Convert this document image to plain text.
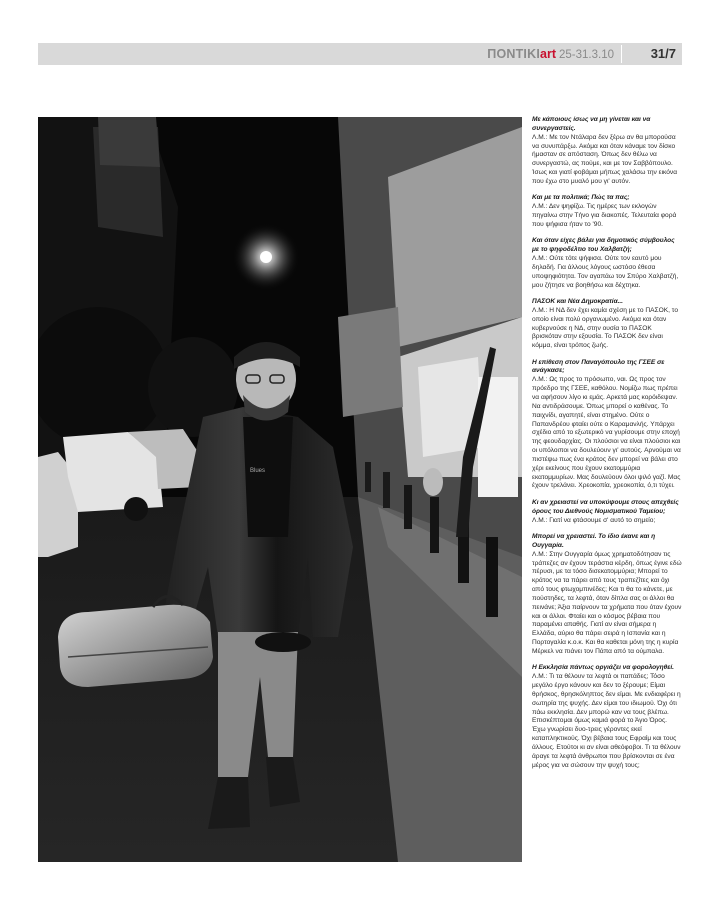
ΠΟΝΤΙΚΙart 25-31.3.10	31/7
Blues

Με κάποιους ίσως να μη γίνεται και να συνεργαστείς.

Λ.Μ.: Με τον Ντάλαρα δεν ξέρω αν θα μπορούσα να συνυπάρξω. Ακόμα και όταν κάναμε τον δίσκο ήμασταν σε απόσταση. Όπως δεν θέλω να συνεργαστώ, ας πούμε, και με τον Σαββόπουλο. Ίσως και γιατί φοβάμαι μήπως χαλάσω την εικόνα που έχω στο μυαλό μου γι' αυτόν.

Και με τα πολιτικά; Πώς τα πας;

Λ.Μ.: Δεν ψηφίζω. Τις ημέρες των εκλογών πηγαίνω στην Τήνο για διακοπές. Τελευταία φορά που ψήφισα ήταν το '90.

Και όταν είχες βάλει για δημοτικός σύμβουλος με το ψηφοδέλτιο του Χαλβατζή;

Λ.Μ.: Ούτε τότε ψήφισα. Ούτε τον εαυτό μου δηλαδή. Για άλλους λόγους ωστόσο έθεσα υποψηφιότητα. Τον αγαπάω τον Σπύρο Χαλβατζή, μου ζήτησε να βοηθήσω και δέχτηκα.

ΠΑΣΟΚ και Νέα Δημοκρατία...

Λ.Μ.: Η ΝΔ δεν έχει καμία σχέση με το ΠΑΣΟΚ, το οποίο είναι πολύ οργανωμένο. Ακόμα και όταν κυβερνούσε η ΝΔ, στην ουσία το ΠΑΣΟΚ βρισκόταν στην εξουσία. Το ΠΑΣΟΚ δεν είναι κόμμα, είναι τρόπος ζωής.

Η επίθεση στον Παναγόπουλο της ΓΣΕΕ σε ανάγκασε;

Λ.Μ.: Ως προς το πρόσωπο, ναι. Ως προς τον πρόεδρο της ΓΣΕΕ, καθόλου. Νομίζω πως πρέπει να αφήσουν λίγο κι εμάς. Αρκετά μας κορόιδεψαν. Να αντιδράσουμε. Όπως μπορεί ο καθένας. Το παιχνίδι, αγαπητέ, είναι στημένο. Ούτε ο Παπανδρέου φταίει ούτε ο Καραμανλής. Υπάρχει σχέδιο από το εξωτερικό να γυρίσουμε στην εποχή της φεουδαρχίας. Οι πλούσιοι να είναι πλούσιοι και οι υπόλοιποι να δουλεύουν γι' αυτούς. Αρνούμαι να πιστέψω πως ένα κράτος δεν μπορεί να βάλει στο χέρι εκείνους που έχουν εκατομμύρια εκατομμυρίων. Μας δουλεύουν όλοι ψιλό γαζί. Μας έχουν τρελάνει. Χρεοκοπία, χρεοκοπία, ό,τι τύχει.

Κι αν χρειαστεί να υποκύψουμε στους απεχθείς όρους του Διεθνούς Νομισματικού Ταμείου;

Λ.Μ.: Γιατί να φτάσουμε σ' αυτό το σημείο;

Μπορεί να χρειαστεί. Το ίδιο έκανε και η Ουγγαρία.

Λ.Μ.: Στην Ουγγαρία όμως χρηματοδότησαν τις τράπεζες αν έχουν τεράστια κέρδη, όπως έγινε εδώ πέρυσι, με τα τόσο δισεκατομμύρια; Μπορεί το κράτος να τα πάρει από τους τραπεζίτες και όχι από τους φτωχομπινέδες; Και τι θα το κάνετε, με πούστηδες, τα λεφτά, όταν δίπλα σας οι άλλοι θα πεινάνε; Άξια παίρνουν τα χρήματα που όταν έχουν και οι άλλοι. Φταίει και ο κόσμος βέβαια που παραμένει απαθής. Γιατί αν είναι σήμερα η Ελλάδα, αύριο θα πάρει σειρά η Ισπανία και η Πορτογαλία κ.ο.κ. Και θα καθεται μόνη της η κυρία Μέρκελ να πιάνει τον Πάπα από τα ούμπαλα.

Η Εκκλησία πάντως οργιάζει να φορολογηθεί.

Λ.Μ.: Τι τα θέλουν τα λεφτά οι παπάδες; Τόσο μεγάλο έργο κάνουν και δεν το ξέρουμε; Είμαι θρήσκος, θρησκόληπτος δεν είμαι. Με ενδιαφέρει η σωτηρία της ψυχής. Δεν είμαι του ιδιωμού. Όχι ότι πάω εκκλησία. Δεν μπορώ καν να τους βλέπω. Επισκέπτομαι όμως καμιά φορά το Άγιο Όρος. Έχω γνωρίσει δυο-τρεις γέροντες εκεί καταπληκτικούς. Όχι βέβαια τους Εφραίμ και τους άλλους. Ετούτοι κι αν είναι αθεόφοβοι. Τι τα θέλουν άραγε τα λεφτά άνθρωποι που βρίσκονται σε ένα μέρος για να σώσουν την ψυχή τους;
